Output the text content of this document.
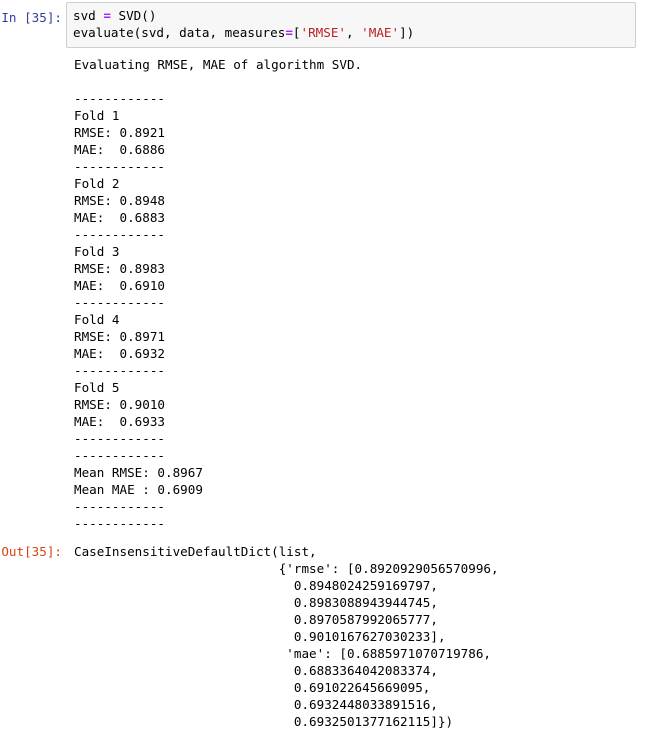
In [35]: svd = SVD()
evaluate(svd, data, measures=['RMSE', 'MAE'])
Evaluating RMSE, MAE of algorithm SVD.
------------
Fold 1
RMSE: 0.8921
MAE:  0.6886
------------
Fold 2
RMSE: 0.8948
MAE:  0.6883
------------
Fold 3
RMSE: 0.8983
MAE:  0.6910
------------
Fold 4
RMSE: 0.8971
MAE:  0.6932
------------
Fold 5
RMSE: 0.9010
MAE:  0.6933
------------
------------
Mean RMSE: 0.8967
Mean MAE : 0.6909
------------
------------
Out[35]: CaseInsensitiveDefaultDict(list,
{'rmse': [0.8920929056570996,
0.8948024259169797,
0.8983088943944745,
0.8970587992065777,
0.9010167627030233],
'mae': [0.6885971070719786,
0.6883364042083374,
0.691022645669095,
0.6932448033891516,
0.6932501377162115]})
